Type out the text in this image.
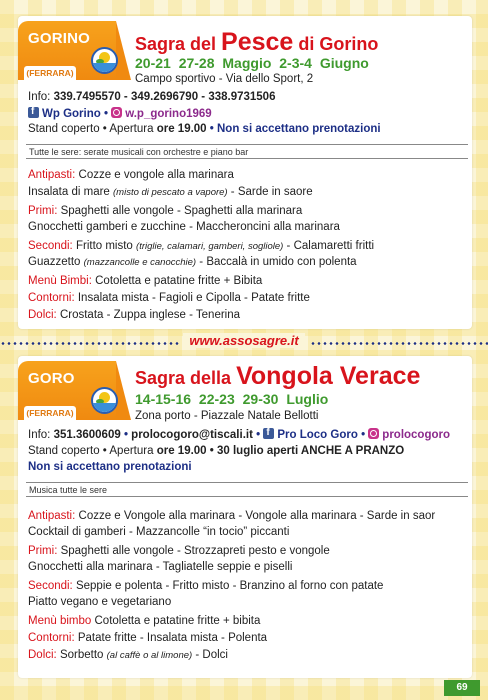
GORINO
(FERRARA)
Sagra del Pesce di Gorino
20-21 27-28 Maggio 2-3-4 Giugno
Campo sportivo - Via dello Sport, 2
Info: 339.7495570 - 349.2696790 - 338.9731506
fWp Gorino • w.p_gorino1969
Stand coperto • Apertura ore 19.00 • Non si accettano prenotazioni
Tutte le sere: serate musicali con orchestre e piano bar
Antipasti: Cozze e vongole alla marinara
Insalata di mare (misto di pescato a vapore) - Sarde in saore
Primi: Spaghetti alle vongole - Spaghetti alla marinara
Gnocchetti gamberi e zucchine - Maccheroncini alla marinara
Secondi: Fritto misto (triglie, calamari, gamberi, sogliole) - Calamaretti fritti
Guazzetto (mazzancolle e canocchie) - Baccalà in umido con polenta
Menù Bimbi: Cotoletta e patatine fritte + Bibita
Contorni: Insalata mista - Fagioli e Cipolla - Patate fritte
Dolci: Crostata - Zuppa inglese - Tenerina
www.assosagre.it
GORO
(FERRARA)
Sagra della Vongola Verace
14-15-16 22-23 29-30 Luglio
Zona porto - Piazzale Natale Bellotti
Info: 351.3600609 • prolocogoro@tiscali.it • fPro Loco Goro • prolocogoro
Stand coperto • Apertura ore 19.00 • 30 luglio aperti ANCHE A PRANZO
Non si accettano prenotazioni
Musica tutte le sere
Antipasti: Cozze e Vongole alla marinara - Vongole alla marinara - Sarde in saor
Cocktail di gamberi - Mazzancolle “in tocio” piccanti
Primi: Spaghetti alle vongole - Strozzapreti pesto e vongole
Gnocchetti alla marinara - Tagliatelle seppie e piselli
Secondi: Seppie e polenta - Fritto misto - Branzino al forno con patate
Piatto vegano e vegetariano
Menù bimbo Cotoletta e patatine fritte + bibita
Contorni: Patate fritte - Insalata mista - Polenta
Dolci: Sorbetto (al caffè o al limone) - Dolci
69
